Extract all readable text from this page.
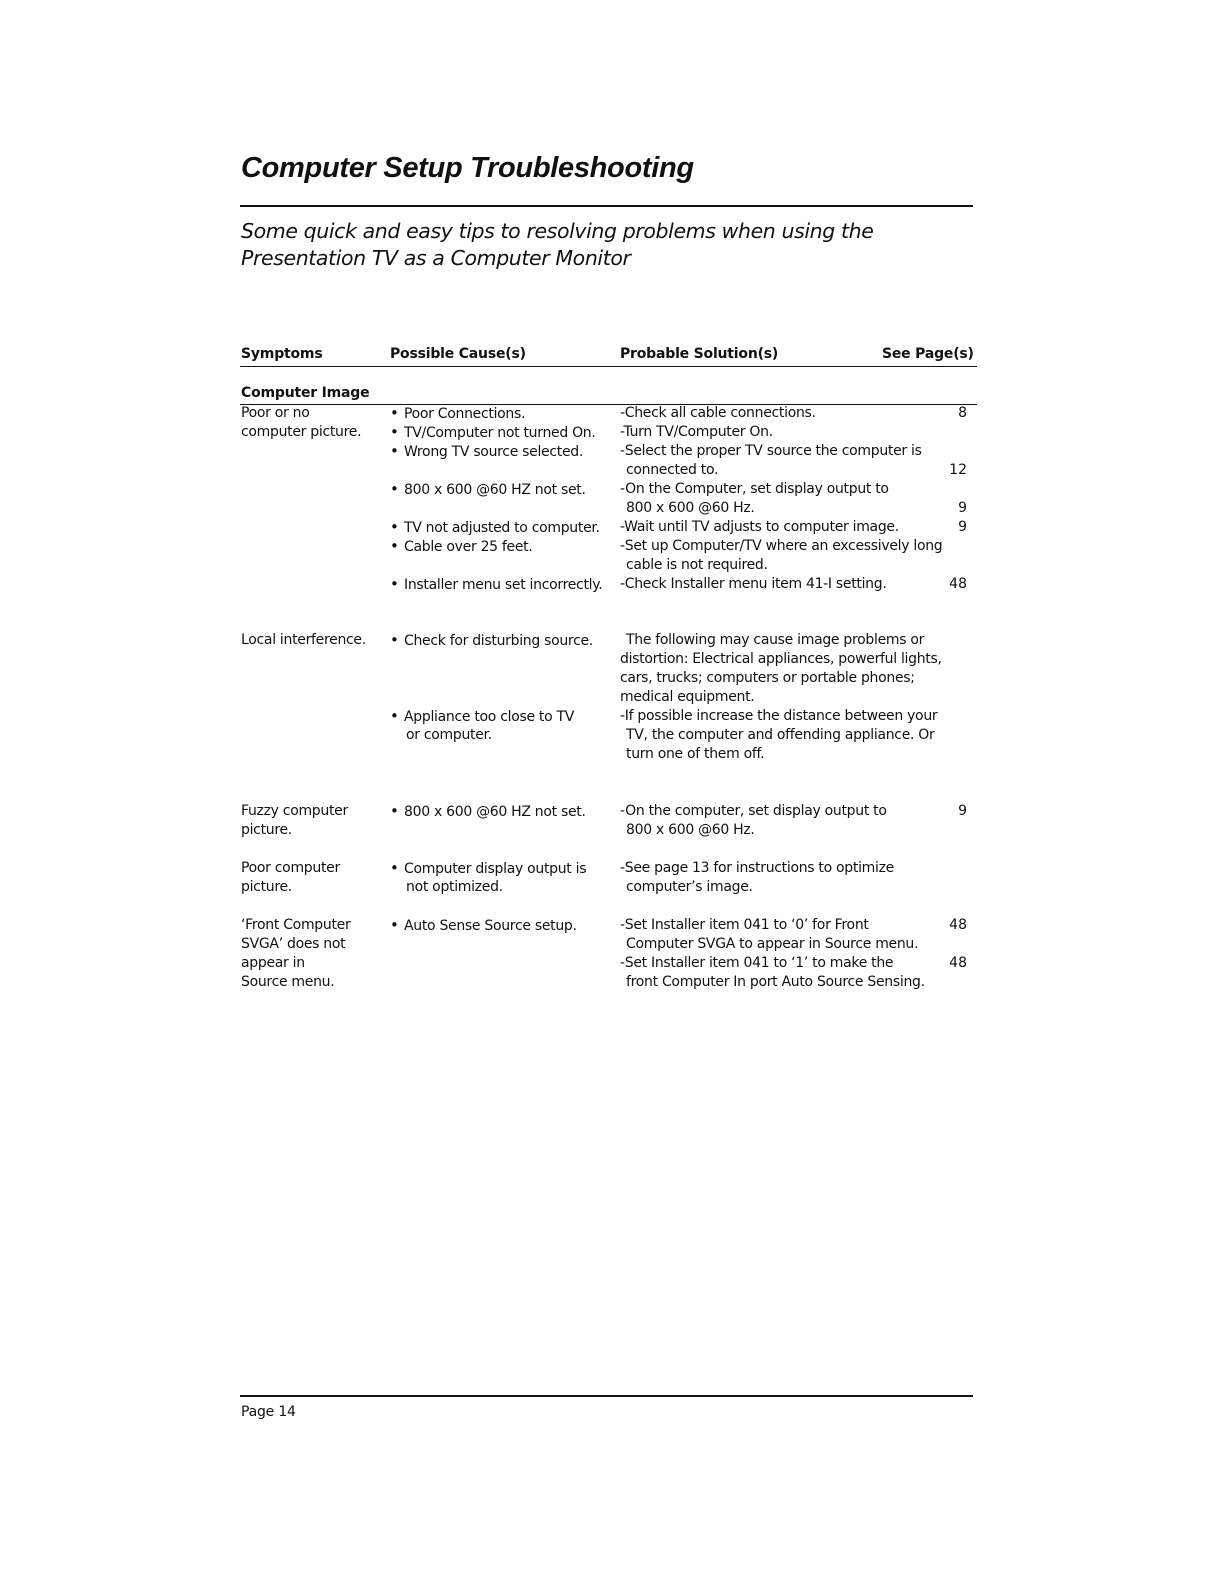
Computer Setup Troubleshooting

Some quick and easy tips to resolving problems when using the Presentation TV as a Computer Monitor

Symptoms	Possible Cause(s)	Probable Solution(s)	See Page(s)
Computer Image
Poor or no
computer picture.
• Poor Connections.
• TV/Computer not turned On.
• Wrong TV source selected.
• 800 x 600 @60 HZ not set.
• TV not adjusted to computer.
• Cable over 25 feet.
• Installer menu set incorrectly.
-Check all cable connections.
-Turn TV/Computer On.
-Select the proper TV source the computer is
connected to.
-On the Computer, set display output to
800 x 600 @60 Hz.
-Wait until TV adjusts to computer image.
-Set up Computer/TV where an excessively long
cable is not required.
-Check Installer menu item 41-I setting.
8
12
9
9
48
Local interference.
•	Check for disturbing source.
• Appliance too close to TV
or computer.
The following may cause image problems or
distortion: Electrical appliances, powerful lights,
cars, trucks; computers or portable phones;
medical equipment.
-If possible increase the distance between your
TV, the computer and offending appliance. Or
turn one of them off.
Fuzzy computer
picture.
• 800 x 600 @60 HZ not set. -On the computer, set display output to
800 x 600 @60 Hz.
9
Poor computer
picture.
• Computer display output is
not optimized.
-See page 13 for instructions to optimize
computer’s image.
‘Front Computer
SVGA’ does not
appear in
Source menu.
• Auto Sense Source setup.	-Set Installer item 041 to ‘0’ for Front
Computer SVGA to appear in Source menu.
-Set Installer item 041 to ‘1’ to make the
front Computer In port Auto Source Sensing.
48
48
Page 14
